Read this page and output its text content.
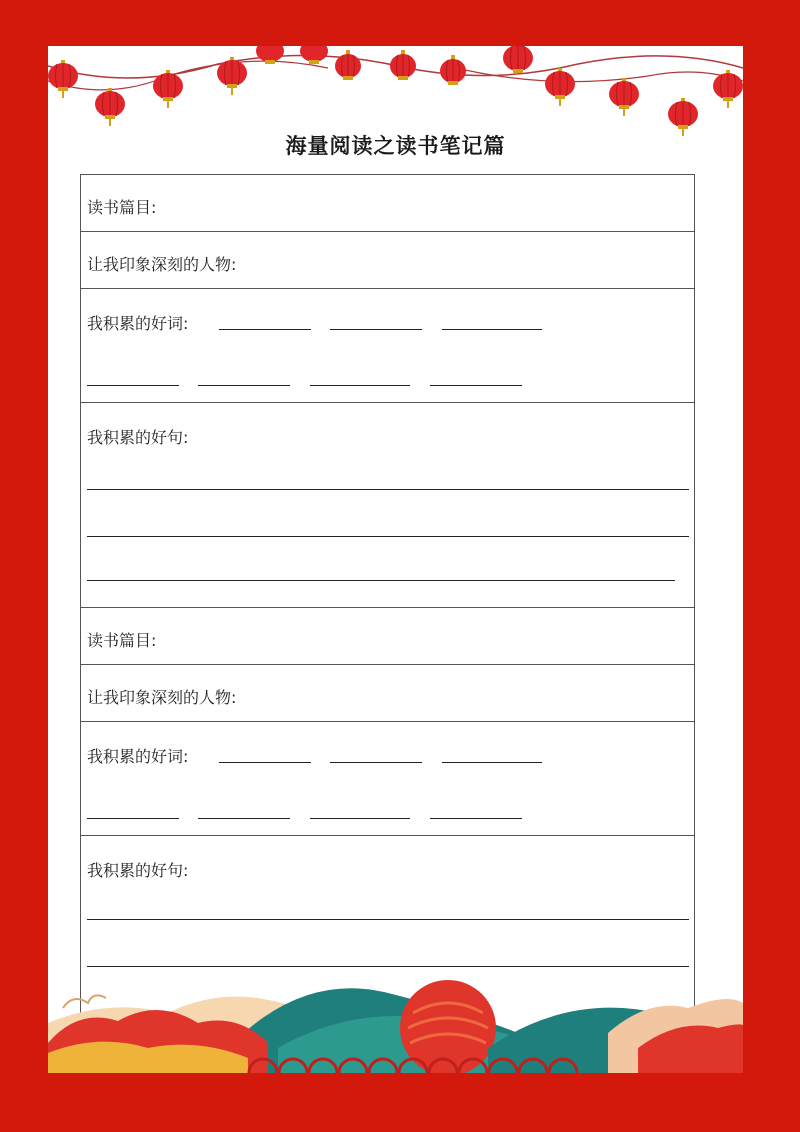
海量阅读之读书笔记篇
读书篇目:
让我印象深刻的人物:
我积累的好词:
我积累的好句:
读书篇目:
让我印象深刻的人物:
我积累的好词:
我积累的好句:
